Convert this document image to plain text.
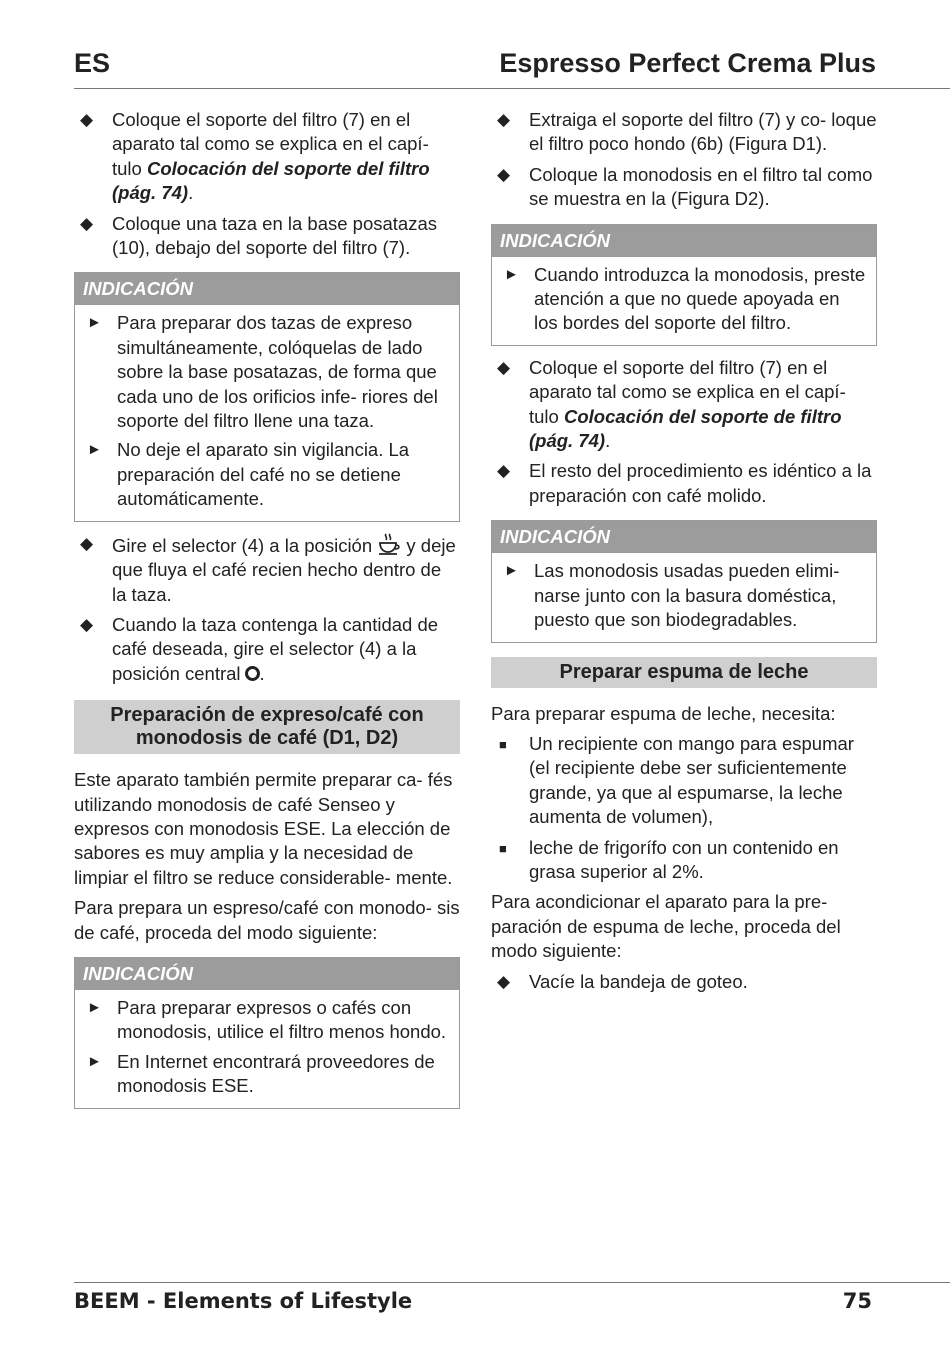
ES	Espresso Perfect Crema Plus
◆ Coloque el soporte del filtro (7) en el aparato tal como se explica en el capí- tulo Colocación del soporte del filtro (pág. 74).
◆ Coloque una taza en la base posatazas (10), debajo del soporte del filtro (7).
INDICACIÓN
► Para preparar dos tazas de expreso simultáneamente, colóquelas de lado sobre la base posatazas, de forma que cada uno de los orificios infe- riores del soporte del filtro llene una taza.
► No deje el aparato sin vigilancia. La preparación del café no se detiene automáticamente.
◆ Gire el selector (4) a la posición y deje que fluya el café recien hecho dentro de la taza.
◆ Cuando la taza contenga la cantidad de café deseada, gire el selector (4) a la posición central .
Preparación de expreso/café con monodosis de café (D1, D2)
Este aparato también permite preparar ca- fés utilizando monodosis de café Senseo y expresos con monodosis ESE. La elección de sabores es muy amplia y la necesidad de limpiar el filtro se reduce considerable- mente.
Para prepara un espreso/café con monodo- sis de café, proceda del modo siguiente:
INDICACIÓN
► Para preparar expresos o cafés con monodosis, utilice el filtro menos hondo.
► En Internet encontrará proveedores de monodosis ESE.
◆ Extraiga el soporte del filtro (7) y co- loque el filtro poco hondo (6b) (Figura D1).
◆ Coloque la monodosis en el filtro tal como se muestra en la (Figura D2).
INDICACIÓN
► Cuando introduzca la monodosis, preste atención a que no quede apoyada en los bordes del soporte del filtro.
◆ Coloque el soporte del filtro (7) en el aparato tal como se explica en el capí- tulo Colocación del soporte de filtro (pág. 74).
◆ El resto del procedimiento es idéntico a la preparación con café molido.
INDICACIÓN
► Las monodosis usadas pueden elimi- narse junto con la basura doméstica, puesto que son biodegradables.
Preparar espuma de leche
Para preparar espuma de leche, necesita:
■ Un recipiente con mango para espumar (el recipiente debe ser suficientemente grande, ya que al espumarse, la leche aumenta de volumen),
■ leche de frigorífo con un contenido en grasa superior al 2%.
Para acondicionar el aparato para la pre- paración de espuma de leche, proceda del modo siguiente:
◆ Vacíe la bandeja de goteo.
BEEM - Elements of Lifestyle	75
